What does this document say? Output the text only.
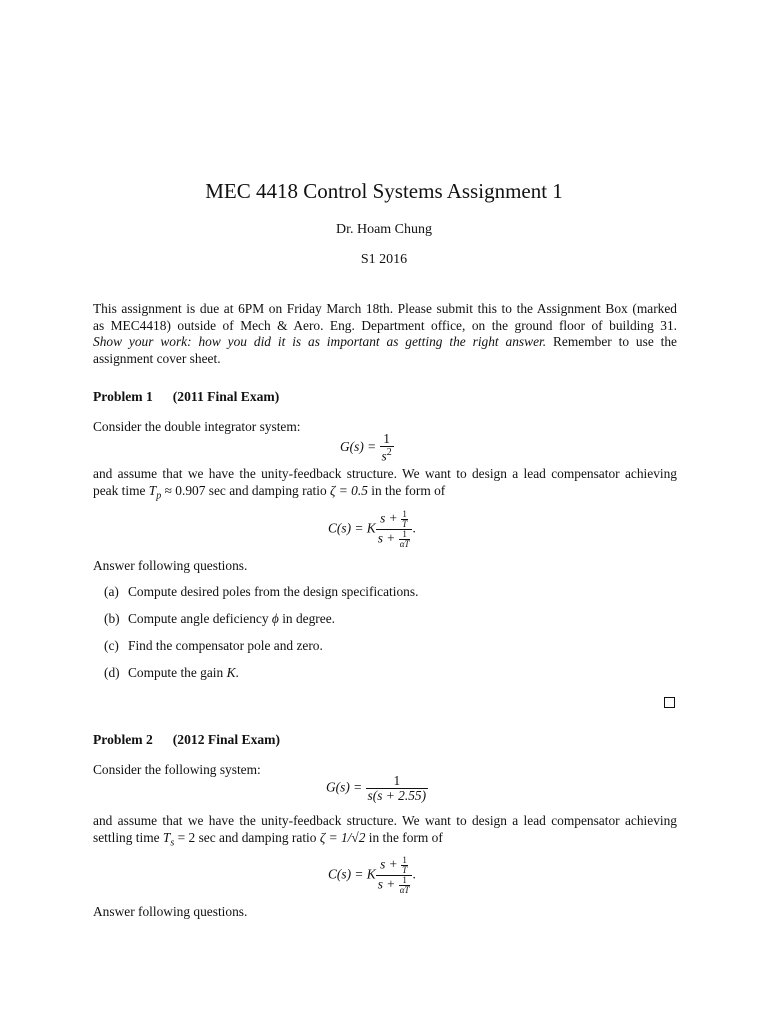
MEC 4418 Control Systems Assignment 1
Dr. Hoam Chung
S1 2016
This assignment is due at 6PM on Friday March 18th. Please submit this to the Assignment Box (marked
as MEC4418) outside of Mech & Aero. Eng. Department office, on the ground floor of building 31.
Show your work: how you did it is as important as getting the right answer. Remember to use the
assignment cover sheet.
Problem 1 (2011 Final Exam)
Consider the double integrator system:
$G(s) = \frac{1}{s^2}$
and assume that we have the unity-feedback structure. We want to design a lead compensator achieving
peak time $T_p \approx 0.907$ sec and damping ratio ζ = 0.5 in the form of
C(s) = K $\frac{s + \frac{1}{T}}{s + \frac{1}{\alpha T}}$ .
Answer following questions.
(a) Compute desired poles from the design specifications.
(b) Compute angle deficiency ϕ in degree.
(c) Find the compensator pole and zero.
(d) Compute the gain K.
Problem 2 (2012 Final Exam)
Consider the following system:
$G(s) = \frac{1}{s(s + 2.55)}$
and assume that we have the unity-feedback structure. We want to design a lead compensator achieving
settling time $T_s = 2$ sec and damping ratio ζ = 1/√2 in the form of
C(s) = K $\frac{s + \frac{1}{T}}{s + \frac{1}{\alpha T}}$ .
Answer following questions.
